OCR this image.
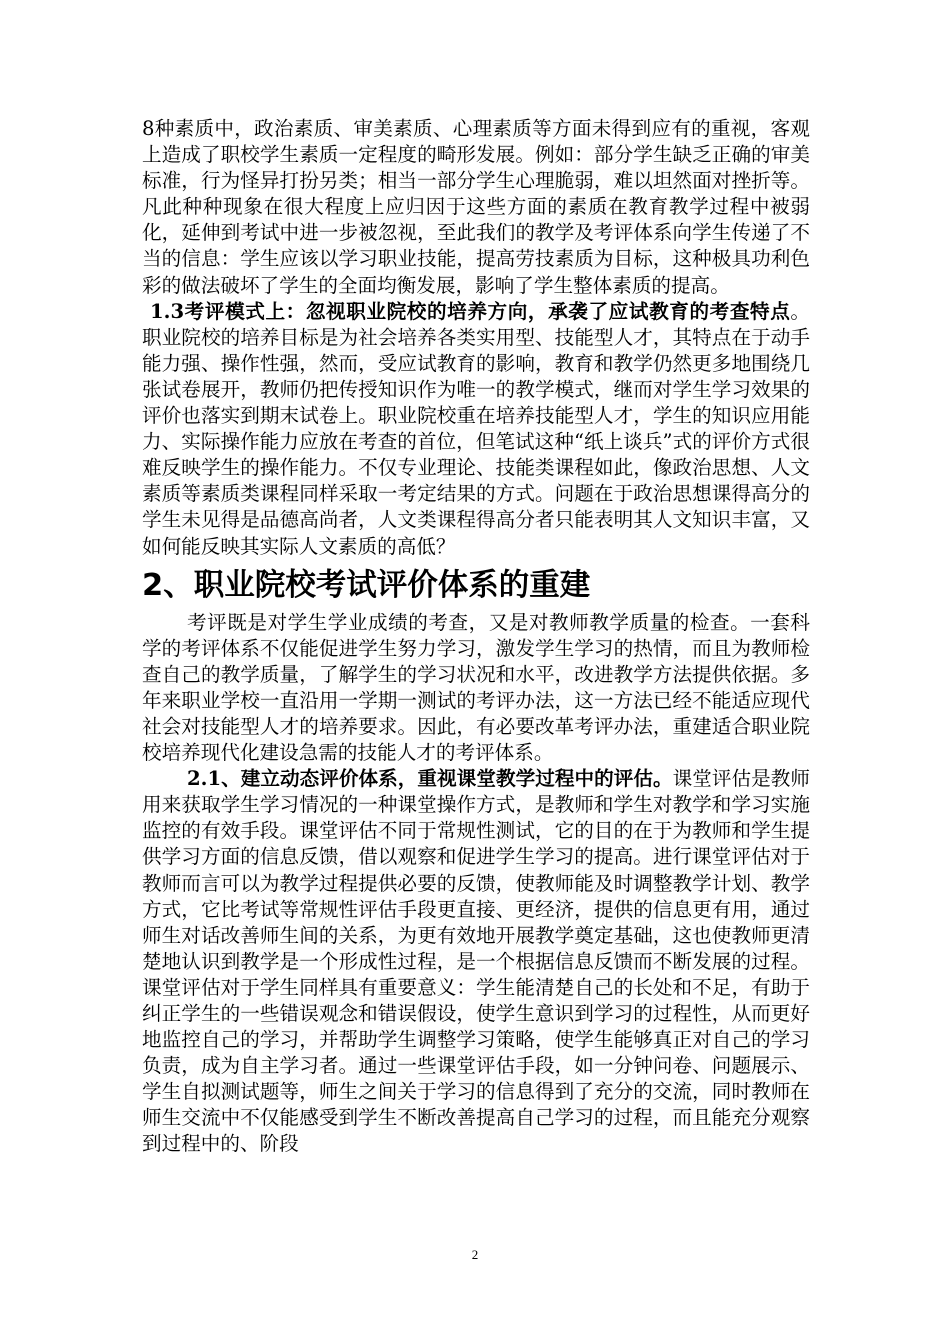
8种素质中，政治素质、审美素质、心理素质等方面未得到应有的重视，客观上造成了职校学生素质一定程度的畸形发展。例如：部分学生缺乏正确的审美标准，行为怪异打扮另类；相当一部分学生心理脆弱，难以坦然面对挫折等。凡此种种现象在很大程度上应归因于这些方面的素质在教育教学过程中被弱化，延伸到考试中进一步被忽视，至此我们的教学及考评体系向学生传递了不当的信息：学生应该以学习职业技能，提高劳技素质为目标，这种极具功利色彩的做法破坏了学生的全面均衡发展，影响了学生整体素质的提高。

1.3考评模式上：忽视职业院校的培养方向，承袭了应试教育的考查特点。职业院校的培养目标是为社会培养各类实用型、技能型人才，其特点在于动手能力强、操作性强，然而，受应试教育的影响，教育和教学仍然更多地围绕几张试卷展开，教师仍把传授知识作为唯一的教学模式，继而对学生学习效果的评价也落实到期末试卷上。职业院校重在培养技能型人才，学生的知识应用能力、实际操作能力应放在考查的首位，但笔试这种“纸上谈兵”式的评价方式很难反映学生的操作能力。不仅专业理论、技能类课程如此，像政治思想、人文素质等素质类课程同样采取一考定结果的方式。问题在于政治思想课得高分的学生未见得是品德高尚者，人文类课程得高分者只能表明其人文知识丰富，又如何能反映其实际人文素质的高低？

2、职业院校考试评价体系的重建

考评既是对学生学业成绩的考查，又是对教师教学质量的检查。一套科学的考评体系不仅能促进学生努力学习，激发学生学习的热情，而且为教师检查自己的教学质量，了解学生的学习状况和水平，改进教学方法提供依据。多年来职业学校一直沿用一学期一测试的考评办法，这一方法已经不能适应现代社会对技能型人才的培养要求。因此，有必要改革考评办法，重建适合职业院校培养现代化建设急需的技能人才的考评体系。

2.1、建立动态评价体系，重视课堂教学过程中的评估。课堂评估是教师用来获取学生学习情况的一种课堂操作方式，是教师和学生对教学和学习实施监控的有效手段。课堂评估不同于常规性测试，它的目的在于为教师和学生提供学习方面的信息反馈，借以观察和促进学生学习的提高。进行课堂评估对于教师而言可以为教学过程提供必要的反馈，使教师能及时调整教学计划、教学方式，它比考试等常规性评估手段更直接、更经济，提供的信息更有用，通过师生对话改善师生间的关系，为更有效地开展教学奠定基础，这也使教师更清楚地认识到教学是一个形成性过程，是一个根据信息反馈而不断发展的过程。课堂评估对于学生同样具有重要意义：学生能清楚自己的长处和不足，有助于纠正学生的一些错误观念和错误假设，使学生意识到学习的过程性，从而更好地监控自己的学习，并帮助学生调整学习策略，使学生能够真正对自己的学习负责，成为自主学习者。通过一些课堂评估手段，如一分钟问卷、问题展示、学生自拟测试题等，师生之间关于学习的信息得到了充分的交流，同时教师在师生交流中不仅能感受到学生不断改善提高自己学习的过程，而且能充分观察到过程中的、阶段

2
